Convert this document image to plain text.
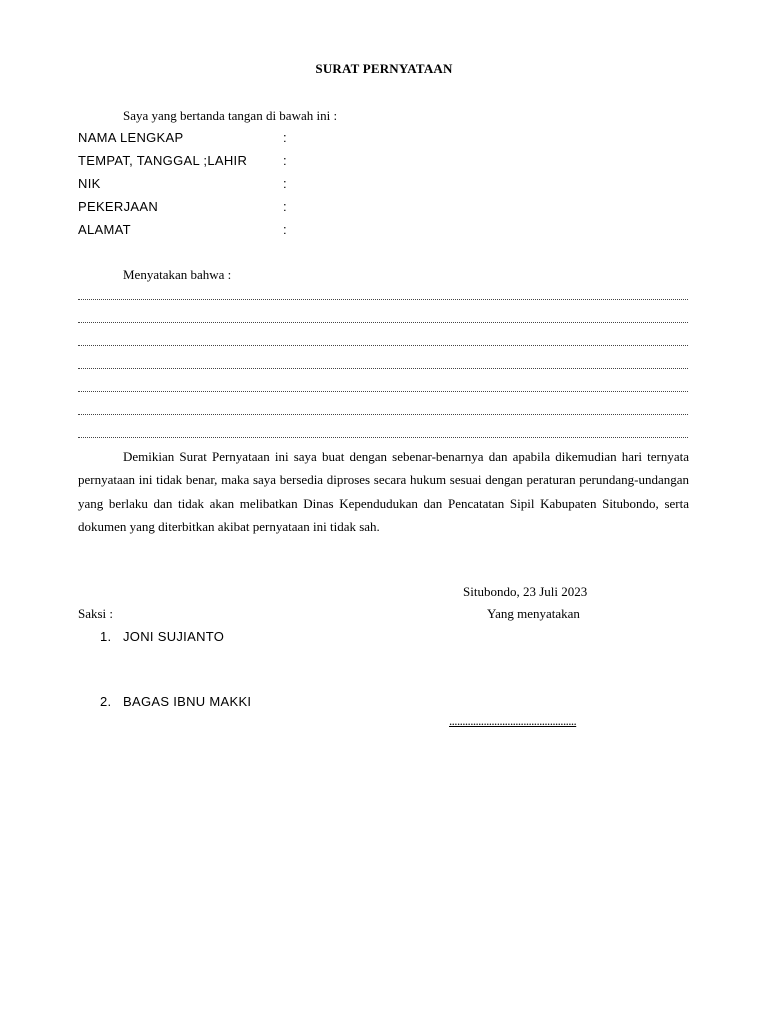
SURAT PERNYATAAN
Saya yang bertanda tangan di bawah ini :
NAMA LENGKAP	:
TEMPAT, TANGGAL ;LAHIR	:
NIK	:
PEKERJAAN	:
ALAMAT	:
Menyatakan bahwa :

Demikian Surat Pernyataan ini saya buat dengan sebenar-benarnya dan apabila dikemudian hari ternyata pernyataan ini tidak benar, maka saya bersedia diproses secara hukum sesuai dengan peraturan perundang-undangan yang berlaku dan tidak akan melibatkan Dinas Kependudukan dan Pencatatan Sipil Kabupaten Situbondo, serta dokumen yang diterbitkan akibat pernyataan ini tidak sah.

Situbondo, 23 Juli 2023
Saksi :	Yang menyatakan
1. JONI SUJIANTO
2. BAGAS IBNU MAKKI
................................................
